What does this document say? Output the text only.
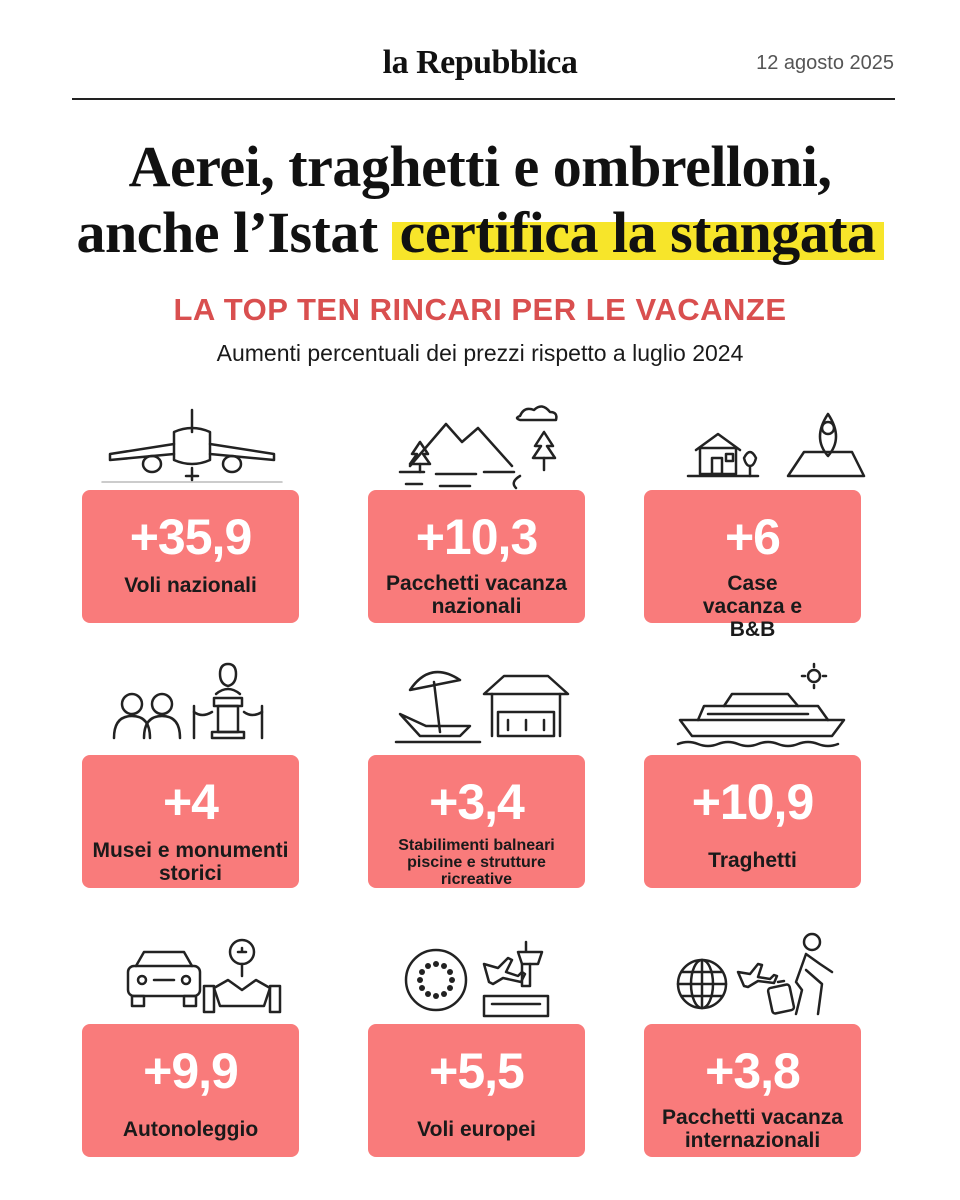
la Repubblica	12 agosto 2025
Aerei, traghetti e ombrelloni,
anche l’Istat certifica la stangata
LA TOP TEN RINCARI PER LE VACANZE
Aumenti percentuali dei prezzi rispetto a luglio 2024
+35,9
Voli nazionali
+10,3
Pacchetti vacanza nazionali
+6
Case vacanza e B&B
+4
Musei e monumenti storici
+3,4
Stabilimenti balneari piscine e strutture ricreative
+10,9
Traghetti
+9,9
Autonoleggio
+5,5
Voli europei
+3,8
Pacchetti vacanza internazionali
